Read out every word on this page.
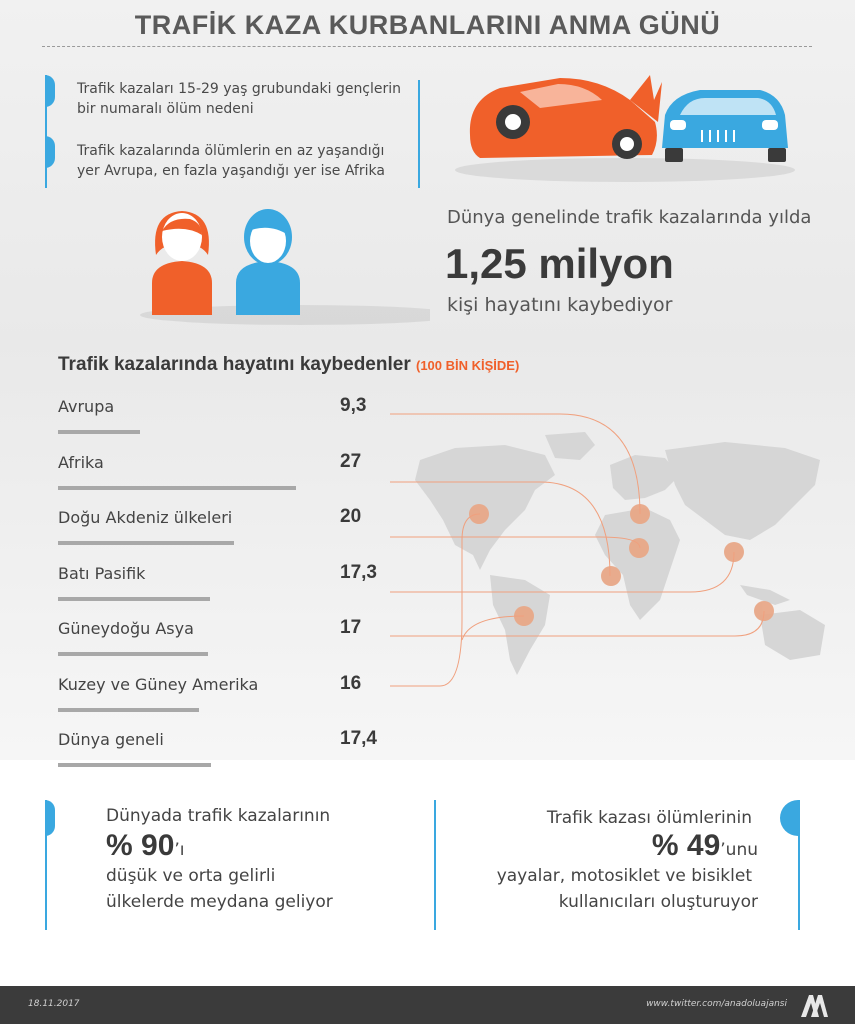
TRAFİK KAZA KURBANLARINI ANMA GÜNÜ
Trafik kazaları 15-29 yaş grubundaki gençlerin
bir numaralı ölüm nedeni
Trafik kazalarında ölümlerin en az yaşandığı
yer Avrupa, en fazla yaşandığı yer ise Afrika
Dünya genelinde trafik kazalarında yılda
1,25 milyon
kişi hayatını kaybediyor
Trafik kazalarında hayatını kaybedenler (100 BİN KİŞİDE)
Avrupa	9,3
Afrika	27
Doğu Akdeniz ülkeleri	20
Batı Pasifik	17,3
Güneydoğu Asya	17
Kuzey ve Güney Amerika	16
Dünya geneli	17,4
Dünyada trafik kazalarının
% 90’ı
düşük ve orta gelirli
ülkelerde meydana geliyor
Trafik kazası ölümlerinin
% 49’unu
yayalar, motosiklet ve bisiklet
kullanıcıları oluşturuyor
18.11.2017	www.twitter.com/anadoluajansi
